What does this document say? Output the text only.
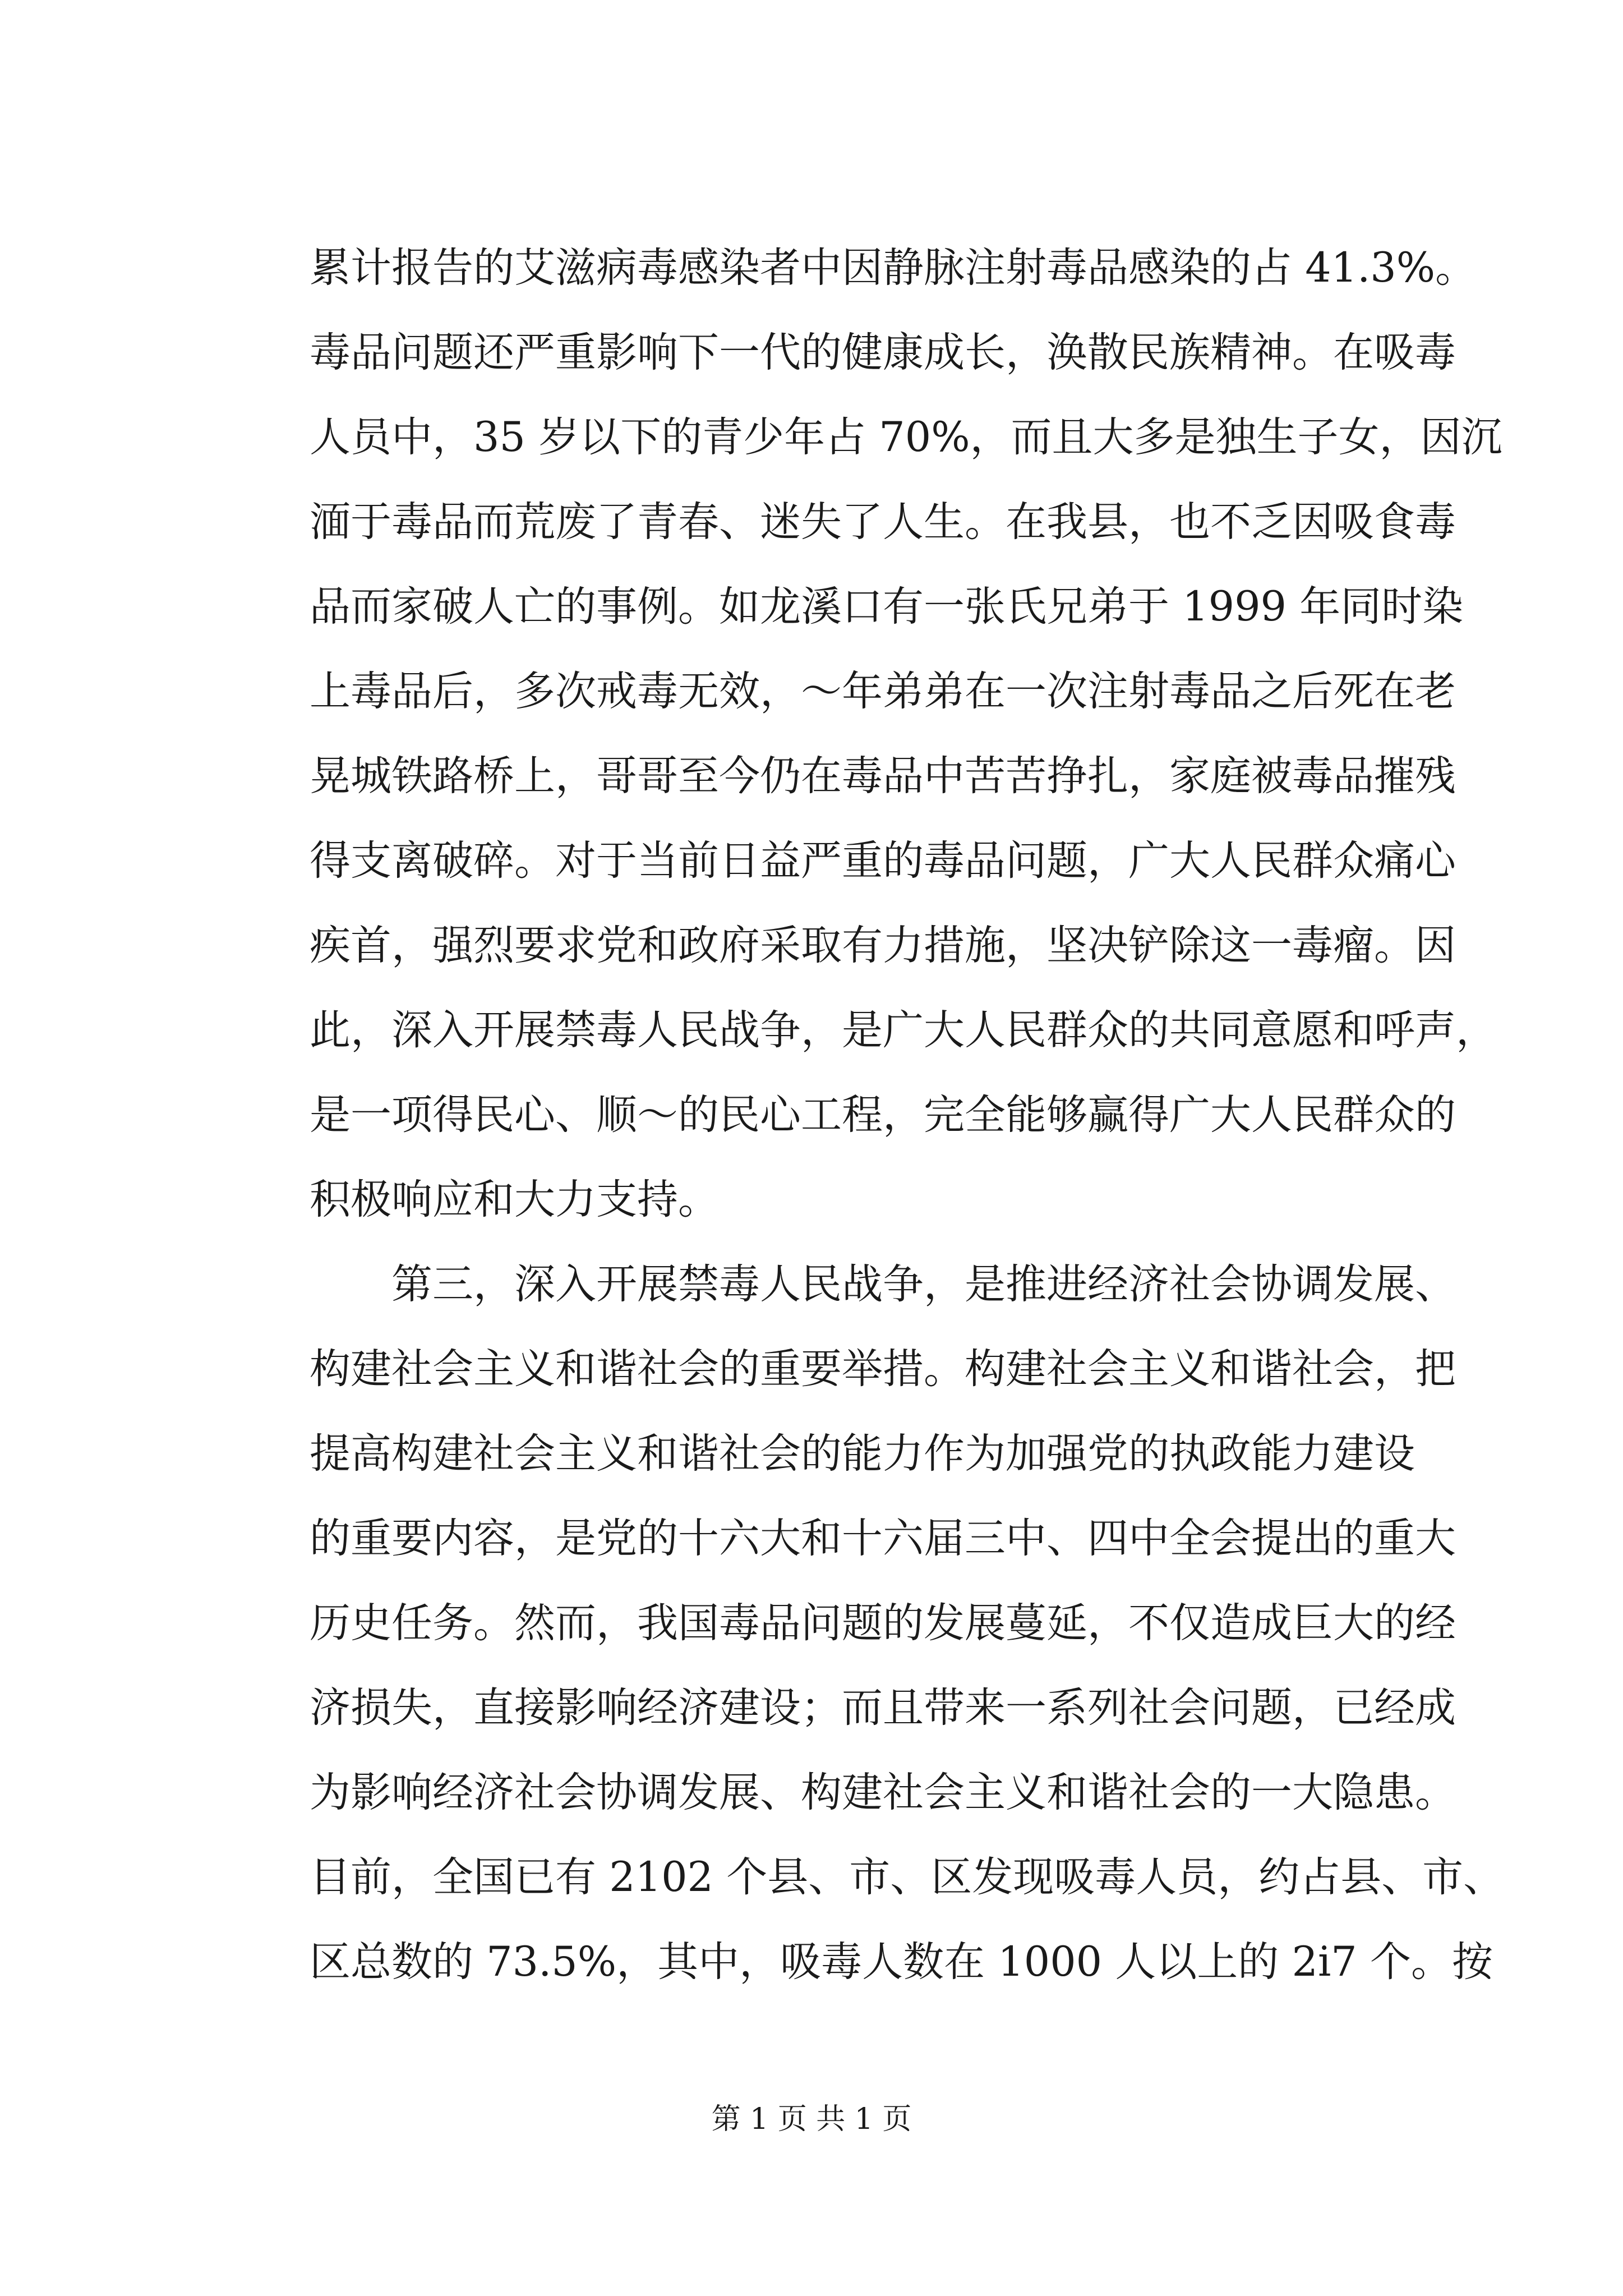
累计报告的艾滋病毒感染者中因静脉注射毒品感染的占 41.3%。
毒品问题还严重影响下一代的健康成长，涣散民族精神。在吸毒
人员中，35 岁以下的青少年占 70%，而且大多是独生子女，因沉
湎于毒品而荒废了青春、迷失了人生。在我县，也不乏因吸食毒
品而家破人亡的事例。如龙溪口有一张氏兄弟于 1999 年同时染
上毒品后，多次戒毒无效，～年弟弟在一次注射毒品之后死在老
晃城铁路桥上，哥哥至今仍在毒品中苦苦挣扎，家庭被毒品摧残
得支离破碎。对于当前日益严重的毒品问题，广大人民群众痛心
疾首，强烈要求党和政府采取有力措施，坚决铲除这一毒瘤。因
此，深入开展禁毒人民战争，是广大人民群众的共同意愿和呼声，
是一项得民心、顺～的民心工程，完全能够赢得广大人民群众的
积极响应和大力支持。
第三，深入开展禁毒人民战争，是推进经济社会协调发展、
构建社会主义和谐社会的重要举措。构建社会主义和谐社会，把
提高构建社会主义和谐社会的能力作为加强党的执政能力建设
的重要内容，是党的十六大和十六届三中、四中全会提出的重大
历史任务。然而，我国毒品问题的发展蔓延，不仅造成巨大的经
济损失，直接影响经济建设；而且带来一系列社会问题，已经成
为影响经济社会协调发展、构建社会主义和谐社会的一大隐患。
目前，全国已有 2102 个县、市、区发现吸毒人员，约占县、市、
区总数的 73.5%，其中，吸毒人数在 1000 人以上的 2i7 个。按
第 1 页 共 1 页
